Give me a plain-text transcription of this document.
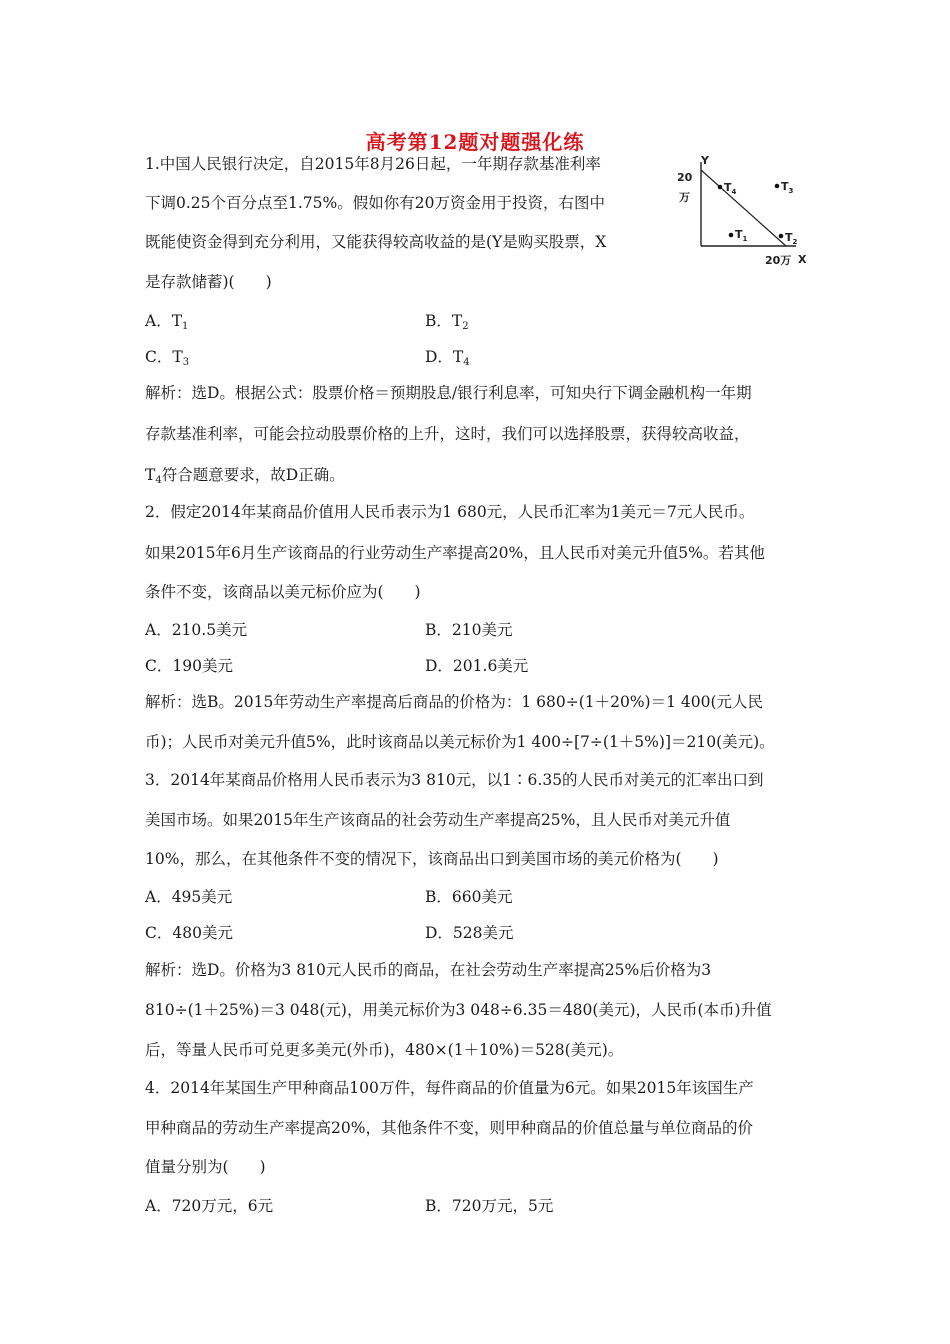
高考第12题对题强化练
Y
X
20
万
20万
$T_4$	$T_3$
$T_1$	$T_2$
1.中国人民银行决定，自2015年8月26日起，一年期存款基准利率
下调0.25个百分点至1.75%。假如你有20万资金用于投资，右图中
既能使资金得到充分利用，又能获得较高收益的是(Y是购买股票，X
是存款储蓄)(　　)
A．$T_1$	B．$T_2$
C．$T_3$	D．$T_4$
解析：选D。根据公式：股票价格＝预期股息/银行利息率，可知央行下调金融机构一年期
存款基准利率，可能会拉动股票价格的上升，这时，我们可以选择股票，获得较高收益，
$T_4$符合题意要求，故D正确。
2．假定2014年某商品价值用人民币表示为1 680元，人民币汇率为1美元＝7元人民币。
如果2015年6月生产该商品的行业劳动生产率提高20%，且人民币对美元升值5%。若其他
条件不变，该商品以美元标价应为(　　)
A．210.5美元	B．210美元
C．190美元	D．201.6美元
解析：选B。2015年劳动生产率提高后商品的价格为：1 680÷(1＋20%)＝1 400(元人民
币)；人民币对美元升值5%，此时该商品以美元标价为1 400÷[7÷(1＋5%)]＝210(美元)。
3．2014年某商品价格用人民币表示为3 810元，以1∶6.35的人民币对美元的汇率出口到
美国市场。如果2015年生产该商品的社会劳动生产率提高25%，且人民币对美元升值
10%，那么，在其他条件不变的情况下，该商品出口到美国市场的美元价格为(　　)
A．495美元	B．660美元
C．480美元	D．528美元
解析：选D。价格为3 810元人民币的商品，在社会劳动生产率提高25%后价格为3
810÷(1＋25%)＝3 048(元)，用美元标价为3 048÷6.35＝480(美元)，人民币(本币)升值
后，等量人民币可兑更多美元(外币)，480×(1＋10%)＝528(美元)。
4．2014年某国生产甲种商品100万件，每件商品的价值量为6元。如果2015年该国生产
甲种商品的劳动生产率提高20%，其他条件不变，则甲种商品的价值总量与单位商品的价
值量分别为(　　)
A．720万元，6元	B．720万元，5元
